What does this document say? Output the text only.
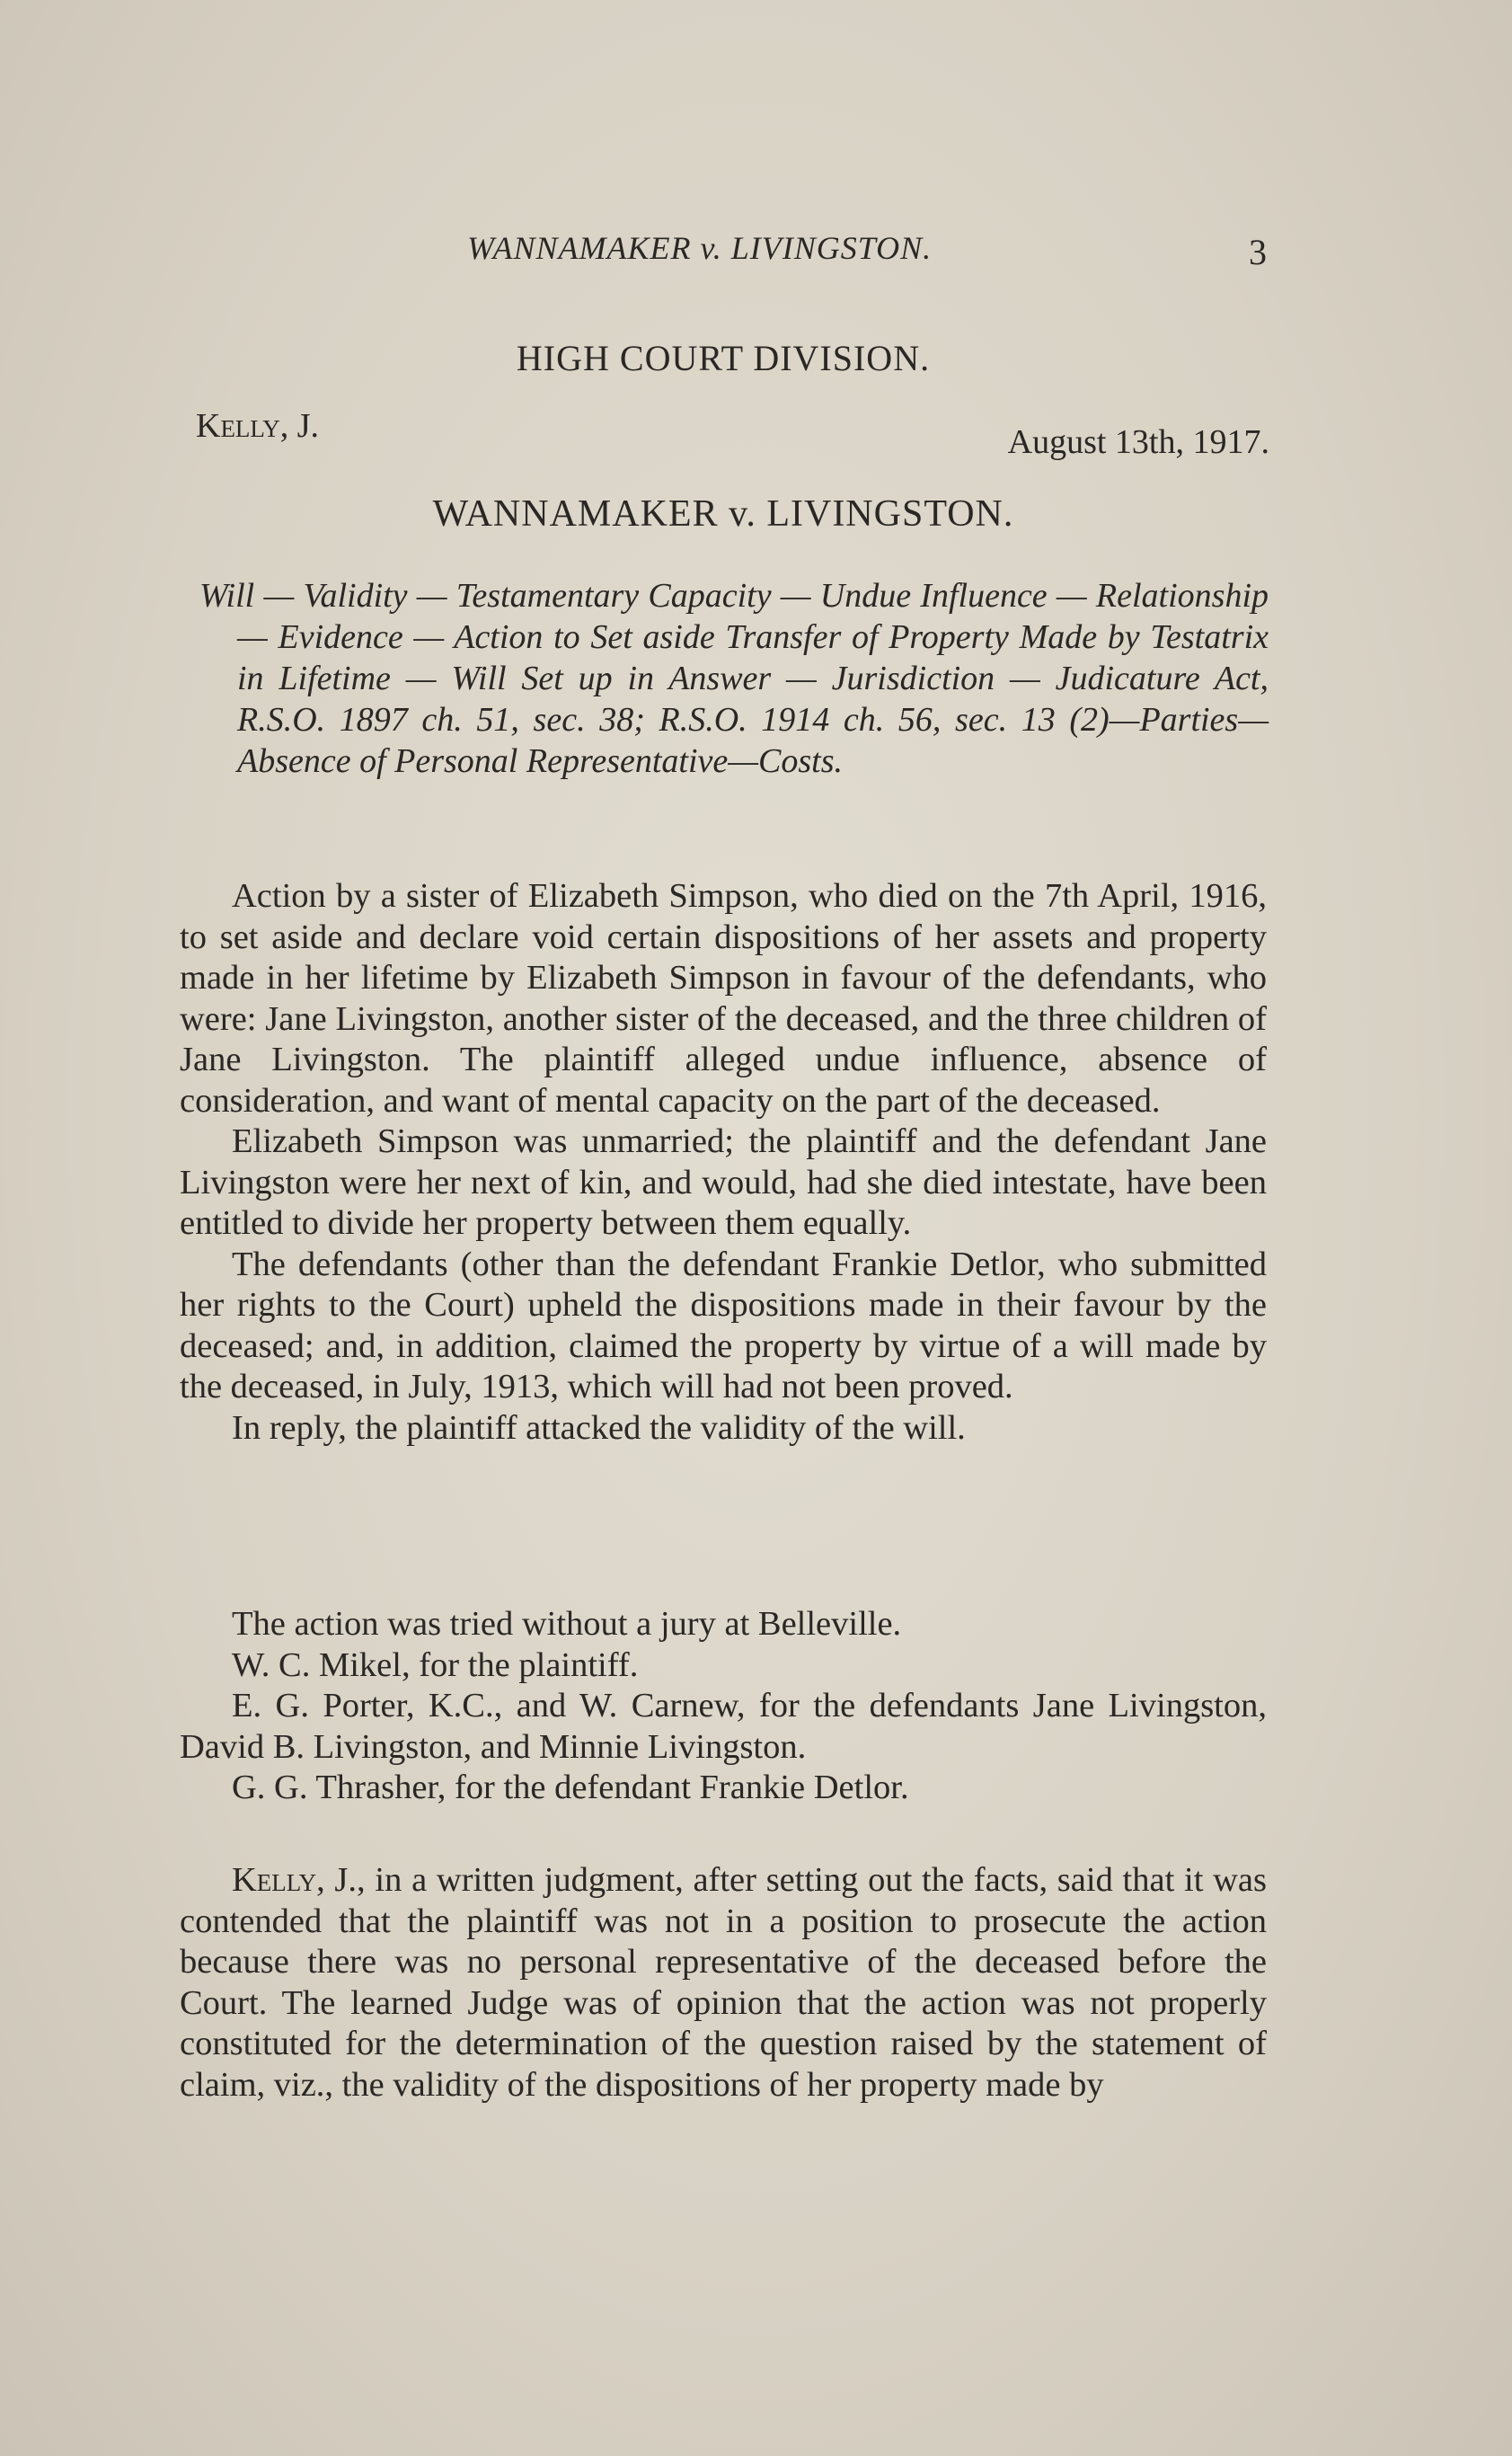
WANNAMAKER v. LIVINGSTON.	3
HIGH COURT DIVISION.
Kelly, J.	August 13th, 1917.
WANNAMAKER v. LIVINGSTON.
Will — Validity — Testamentary Capacity — Undue Influence — Relationship — Evidence — Action to Set aside Transfer of Property Made by Testatrix in Lifetime — Will Set up in Answer — Jurisdiction — Judicature Act, R.S.O. 1897 ch. 51, sec. 38; R.S.O. 1914 ch. 56, sec. 13 (2)—Parties—Absence of Personal Representative—Costs.

Action by a sister of Elizabeth Simpson, who died on the 7th April, 1916, to set aside and declare void certain dispositions of her assets and property made in her lifetime by Elizabeth Simpson in favour of the defendants, who were: Jane Livingston, another sister of the deceased, and the three children of Jane Livingston. The plaintiff alleged undue influence, absence of consideration, and want of mental capacity on the part of the deceased.

Elizabeth Simpson was unmarried; the plaintiff and the defendant Jane Livingston were her next of kin, and would, had she died intestate, have been entitled to divide her property between them equally.

The defendants (other than the defendant Frankie Detlor, who submitted her rights to the Court) upheld the dispositions made in their favour by the deceased; and, in addition, claimed the property by virtue of a will made by the deceased, in July, 1913, which will had not been proved.

In reply, the plaintiff attacked the validity of the will.

The action was tried without a jury at Belleville.

W. C. Mikel, for the plaintiff.

E. G. Porter, K.C., and W. Carnew, for the defendants Jane Livingston, David B. Livingston, and Minnie Livingston.

G. G. Thrasher, for the defendant Frankie Detlor.

Kelly, J., in a written judgment, after setting out the facts, said that it was contended that the plaintiff was not in a position to prosecute the action because there was no personal representative of the deceased before the Court. The learned Judge was of opinion that the action was not properly constituted for the determination of the question raised by the statement of claim, viz., the validity of the dispositions of her property made by
